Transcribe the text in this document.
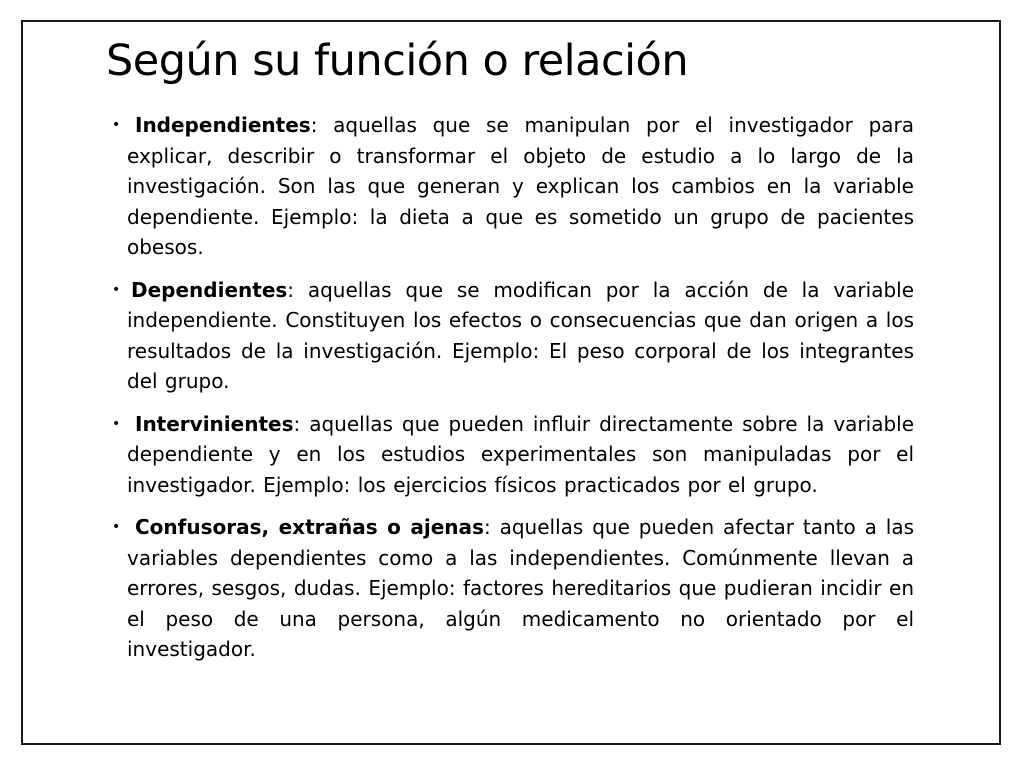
Según su función o relación
• Independientes: aquellas que se manipulan por el investigador para explicar, describir o transformar el objeto de estudio a lo largo de la investigación. Son las que generan y explican los cambios en la variable dependiente. Ejemplo: la dieta a que es sometido un grupo de pacientes obesos.
• Dependientes: aquellas que se modifican por la acción de la variable independiente. Constituyen los efectos o consecuencias que dan origen a los resultados de la investigación. Ejemplo: El peso corporal de los integrantes del grupo.
• Intervinientes: aquellas que pueden influir directamente sobre la variable dependiente y en los estudios experimentales son manipuladas por el investigador. Ejemplo: los ejercicios físicos practicados por el grupo.
• Confusoras, extrañas o ajenas: aquellas que pueden afectar tanto a las variables dependientes como a las independientes. Comúnmente llevan a errores, sesgos, dudas. Ejemplo: factores hereditarios que pudieran incidir en el peso de una persona, algún medicamento no orientado por el investigador.
